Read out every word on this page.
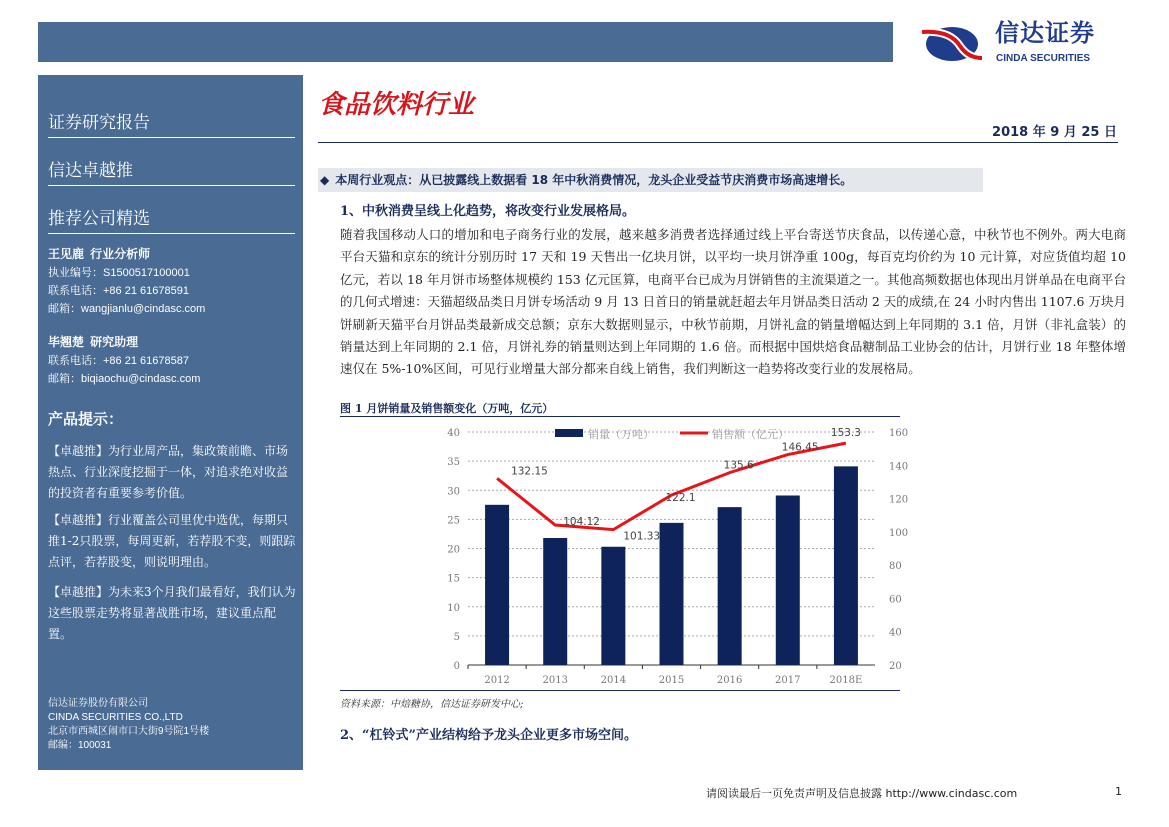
信达证券
CINDA SECURITIES
证券研究报告
信达卓越推
推荐公司精选
王见鹿 行业分析师
执业编号：S1500517100001
联系电话：+86 21 61678591
邮箱：wangjianlu@cindasc.com
毕翘楚 研究助理
联系电话：+86 21 61678587
邮箱：biqiaochu@cindasc.com
产品提示：
【卓越推】为行业周产品，集政策前瞻、市场热点、行业深度挖掘于一体，对追求绝对收益的投资者有重要参考价值。
【卓越推】行业覆盖公司里优中选优，每期只推1-2只股票，每周更新，若荐股不变，则跟踪点评，若荐股变，则说明理由。
【卓越推】为未来3个月我们最看好，我们认为这些股票走势将显著战胜市场，建议重点配置。
信达证券股份有限公司
CINDA SECURITIES CO.,LTD
北京市西城区闹市口大街9号院1号楼
邮编：100031
食品饮料行业
2018 年 9 月 25 日
◆ 本周行业观点：从已披露线上数据看 18 年中秋消费情况，龙头企业受益节庆消费市场高速增长。
1、中秋消费呈线上化趋势，将改变行业发展格局。
随着我国移动人口的增加和电子商务行业的发展，越来越多消费者选择通过线上平台寄送节庆食品，以传递心意，中秋节也不例外。两大电商平台天猫和京东的统计分别历时 17 天和 19 天售出一亿块月饼，以平均一块月饼净重 100g，每百克均价约为 10 元计算，对应货值均超 10 亿元，若以 18 年月饼市场整体规模约 153 亿元匡算，电商平台已成为月饼销售的主流渠道之一。其他高频数据也体现出月饼单品在电商平台的几何式增速：天猫超级品类日月饼专场活动 9 月 13 日首日的销量就赶超去年月饼品类日活动 2 天的成绩,在 24 小时内售出 1107.6 万块月饼刷新天猫平台月饼品类最新成交总额；京东大数据则显示，中秋节前期，月饼礼盒的销量增幅达到上年同期的 3.1 倍，月饼（非礼盒装）的销量达到上年同期的 2.1 倍，月饼礼券的销量则达到上年同期的 1.6 倍。而根据中国烘焙食品糖制品工业协会的估计，月饼行业 18 年整体增速仅在 5%-10%区间，可见行业增量大部分都来自线上销售，我们判断这一趋势将改变行业的发展格局。
图 1 月饼销量及销售额变化（万吨，亿元）
0
5
10
15
20
25
30
35
40
20
40
60
80
100
120
140
160
2012
132.15
2013
104.12
2014
101.33
2015
122.1
2016
135.6
2017
146.45
2018E
153.3
销量（万吨）	销售额（亿元）
资料来源：中焙糖协，信达证券研发中心;
2、“杠铃式”产业结构给予龙头企业更多市场空间。
请阅读最后一页免责声明及信息披露 http://www.cindasc.com	1
